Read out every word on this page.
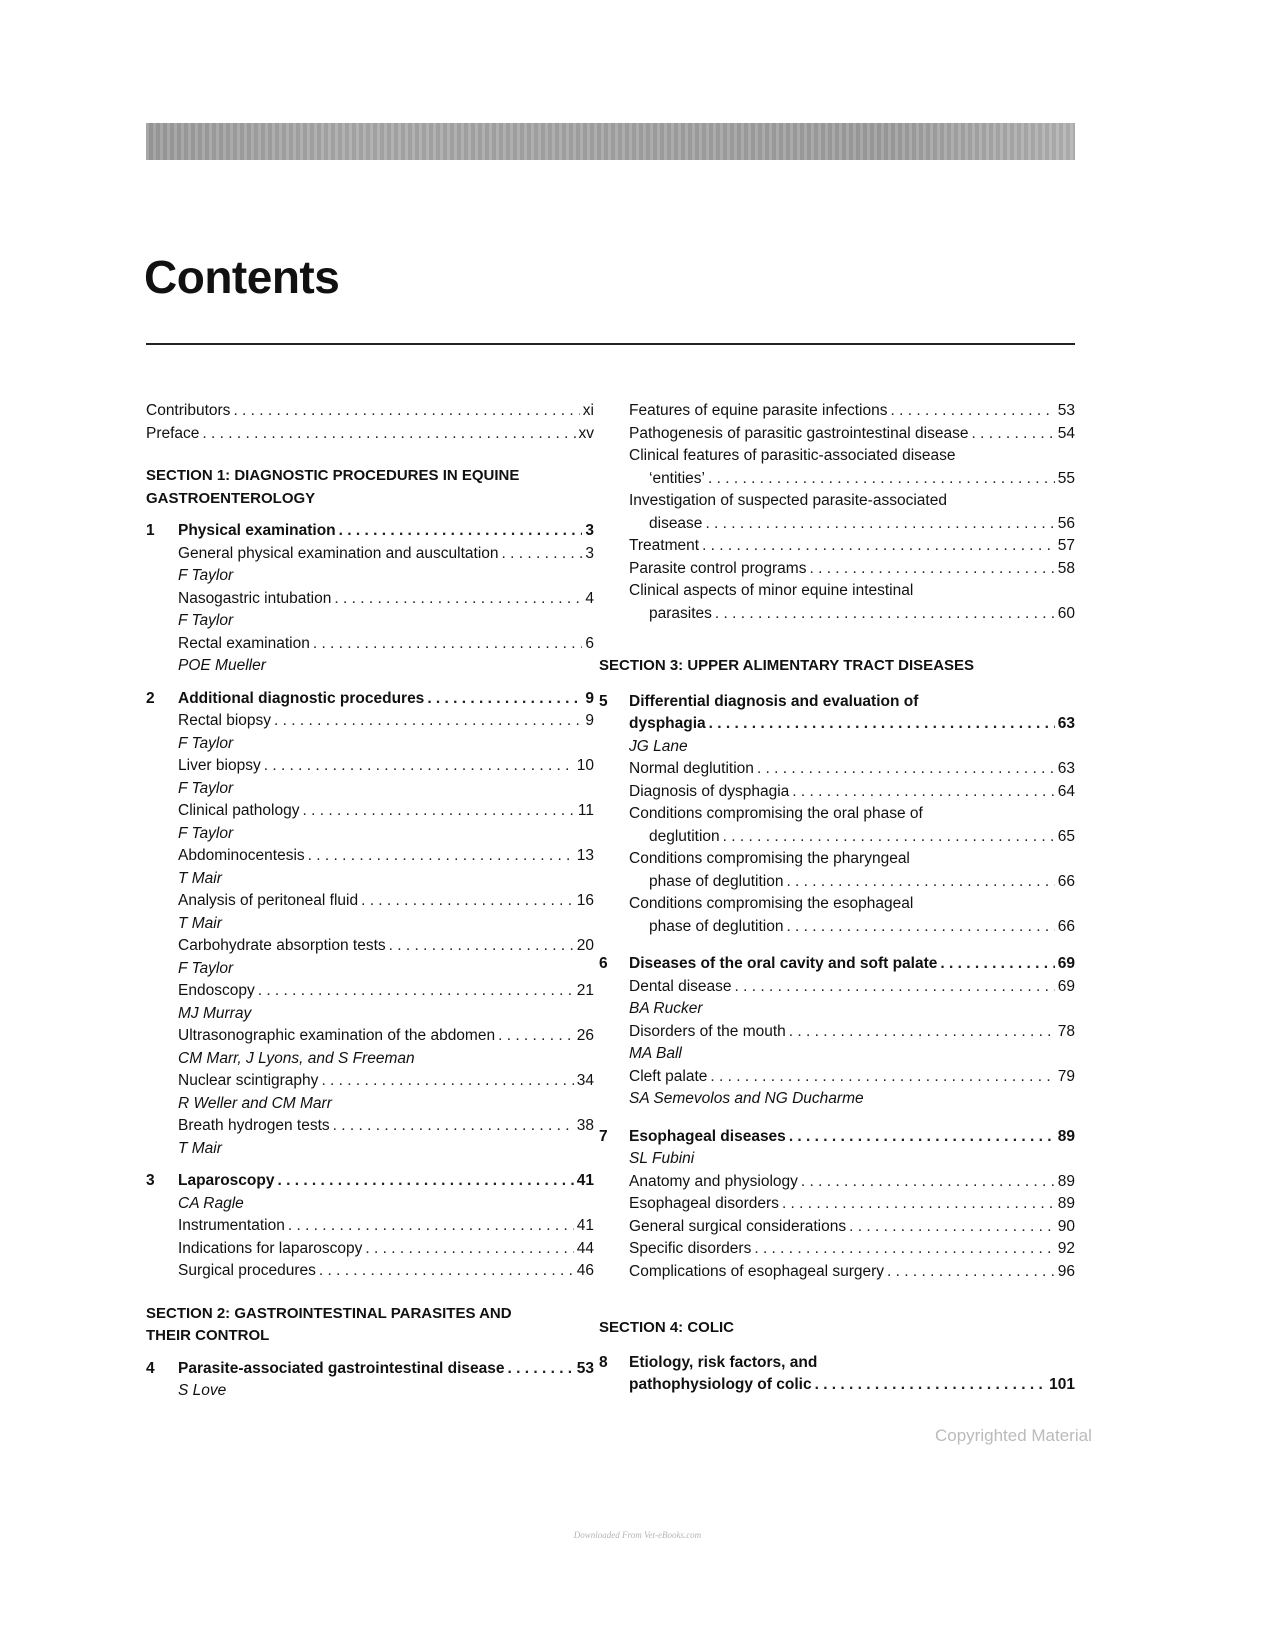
Contents
Contributors . . .	xi
Preface . . .	xv
SECTION 1: DIAGNOSTIC PROCEDURES IN EQUINE
GASTROENTEROLOGY
1	Physical examination . . .	3
General physical examination and auscultation . . .	3
F Taylor
Nasogastric intubation . . .	4
F Taylor
Rectal examination . . .	6
POE Mueller
2	Additional diagnostic procedures . . .	9
Rectal biopsy . . .	9
F Taylor
Liver biopsy . . .	10
F Taylor
Clinical pathology . . .	11
F Taylor
Abdominocentesis . . .	13
T Mair
Analysis of peritoneal fluid . . .	16
T Mair
Carbohydrate absorption tests . . .	20
F Taylor
Endoscopy . . .	21
MJ Murray
Ultrasonographic examination of the abdomen . . .	26
CM Marr, J Lyons, and S Freeman
Nuclear scintigraphy . . .	34
R Weller and CM Marr
Breath hydrogen tests . . .	38
T Mair
3	Laparoscopy . . .	41
CA Ragle
Instrumentation . . .	41
Indications for laparoscopy . . .	44
Surgical procedures . . .	46
SECTION 2: GASTROINTESTINAL PARASITES AND
THEIR CONTROL
4	Parasite-associated gastrointestinal disease . . .	53
S Love
Features of equine parasite infections . . .	53
Pathogenesis of parasitic gastrointestinal disease . . .	54
Clinical features of parasitic-associated disease
‘entities’ . . .	55
Investigation of suspected parasite-associated
disease . . .	56
Treatment . . .	57
Parasite control programs . . .	58
Clinical aspects of minor equine intestinal
parasites . . .	60
SECTION 3: UPPER ALIMENTARY TRACT DISEASES
5	Differential diagnosis and evaluation of
dysphagia . . .	63
JG Lane
Normal deglutition . . .	63
Diagnosis of dysphagia . . .	64
Conditions compromising the oral phase of
deglutition . . .	65
Conditions compromising the pharyngeal
phase of deglutition . . .	66
Conditions compromising the esophageal
phase of deglutition . . .	66
6	Diseases of the oral cavity and soft palate . . .	69
Dental disease . . .	69
BA Rucker
Disorders of the mouth . . .	78
MA Ball
Cleft palate . . .	79
SA Semevolos and NG Ducharme
7	Esophageal diseases . . .	89
SL Fubini
Anatomy and physiology . . .	89
Esophageal disorders . . .	89
General surgical considerations . . .	90
Specific disorders . . .	92
Complications of esophageal surgery . . .	96
SECTION 4: COLIC
8	Etiology, risk factors, and
pathophysiology of colic . . .	101
Copyrighted Material
Downloaded From Vet-eBooks.com
